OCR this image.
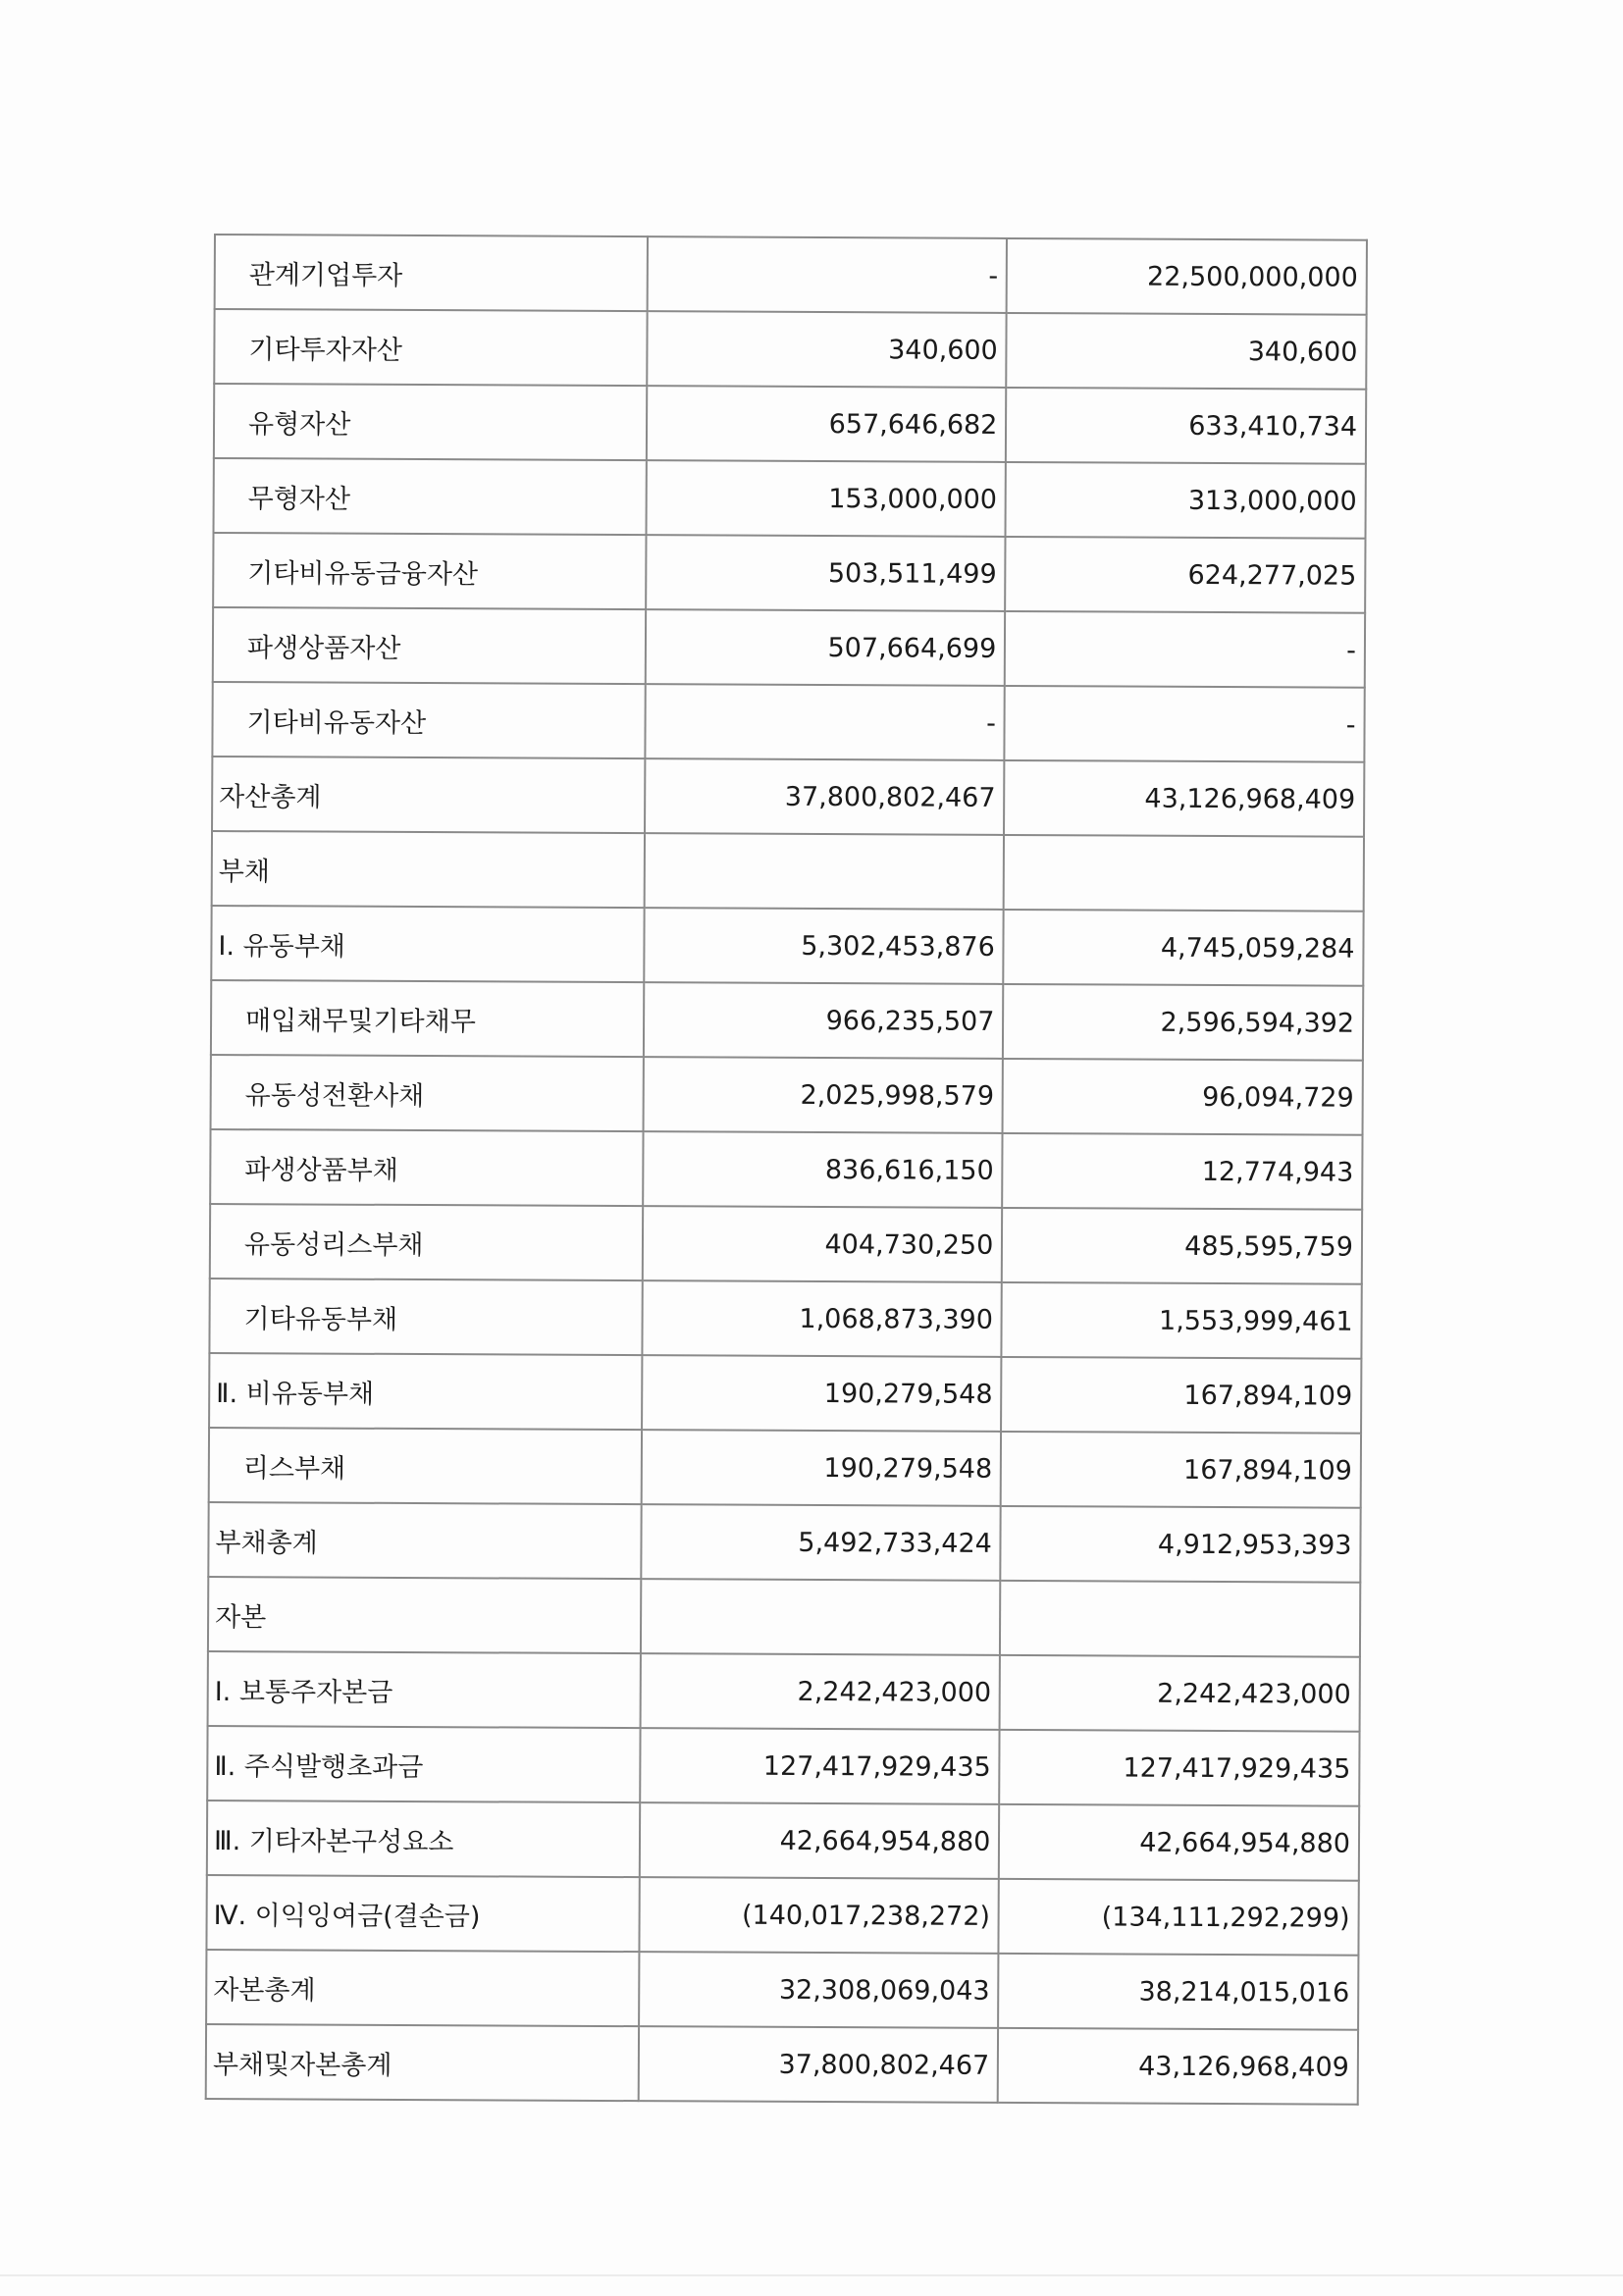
관계기업투자	-	22,500,000,000
기타투자자산	340,600	340,600
유형자산	657,646,682	633,410,734
무형자산	153,000,000	313,000,000
기타비유동금융자산	503,511,499	624,277,025
파생상품자산	507,664,699	-
기타비유동자산	-	-
자산총계	37,800,802,467	43,126,968,409
부채		
Ⅰ. 유동부채	5,302,453,876	4,745,059,284
매입채무및기타채무	966,235,507	2,596,594,392
유동성전환사채	2,025,998,579	96,094,729
파생상품부채	836,616,150	12,774,943
유동성리스부채	404,730,250	485,595,759
기타유동부채	1,068,873,390	1,553,999,461
Ⅱ. 비유동부채	190,279,548	167,894,109
리스부채	190,279,548	167,894,109
부채총계	5,492,733,424	4,912,953,393
자본		
Ⅰ. 보통주자본금	2,242,423,000	2,242,423,000
Ⅱ. 주식발행초과금	127,417,929,435	127,417,929,435
Ⅲ. 기타자본구성요소	42,664,954,880	42,664,954,880
Ⅳ. 이익잉여금(결손금)	(140,017,238,272)	(134,111,292,299)
자본총계	32,308,069,043	38,214,015,016
부채및자본총계	37,800,802,467	43,126,968,409
